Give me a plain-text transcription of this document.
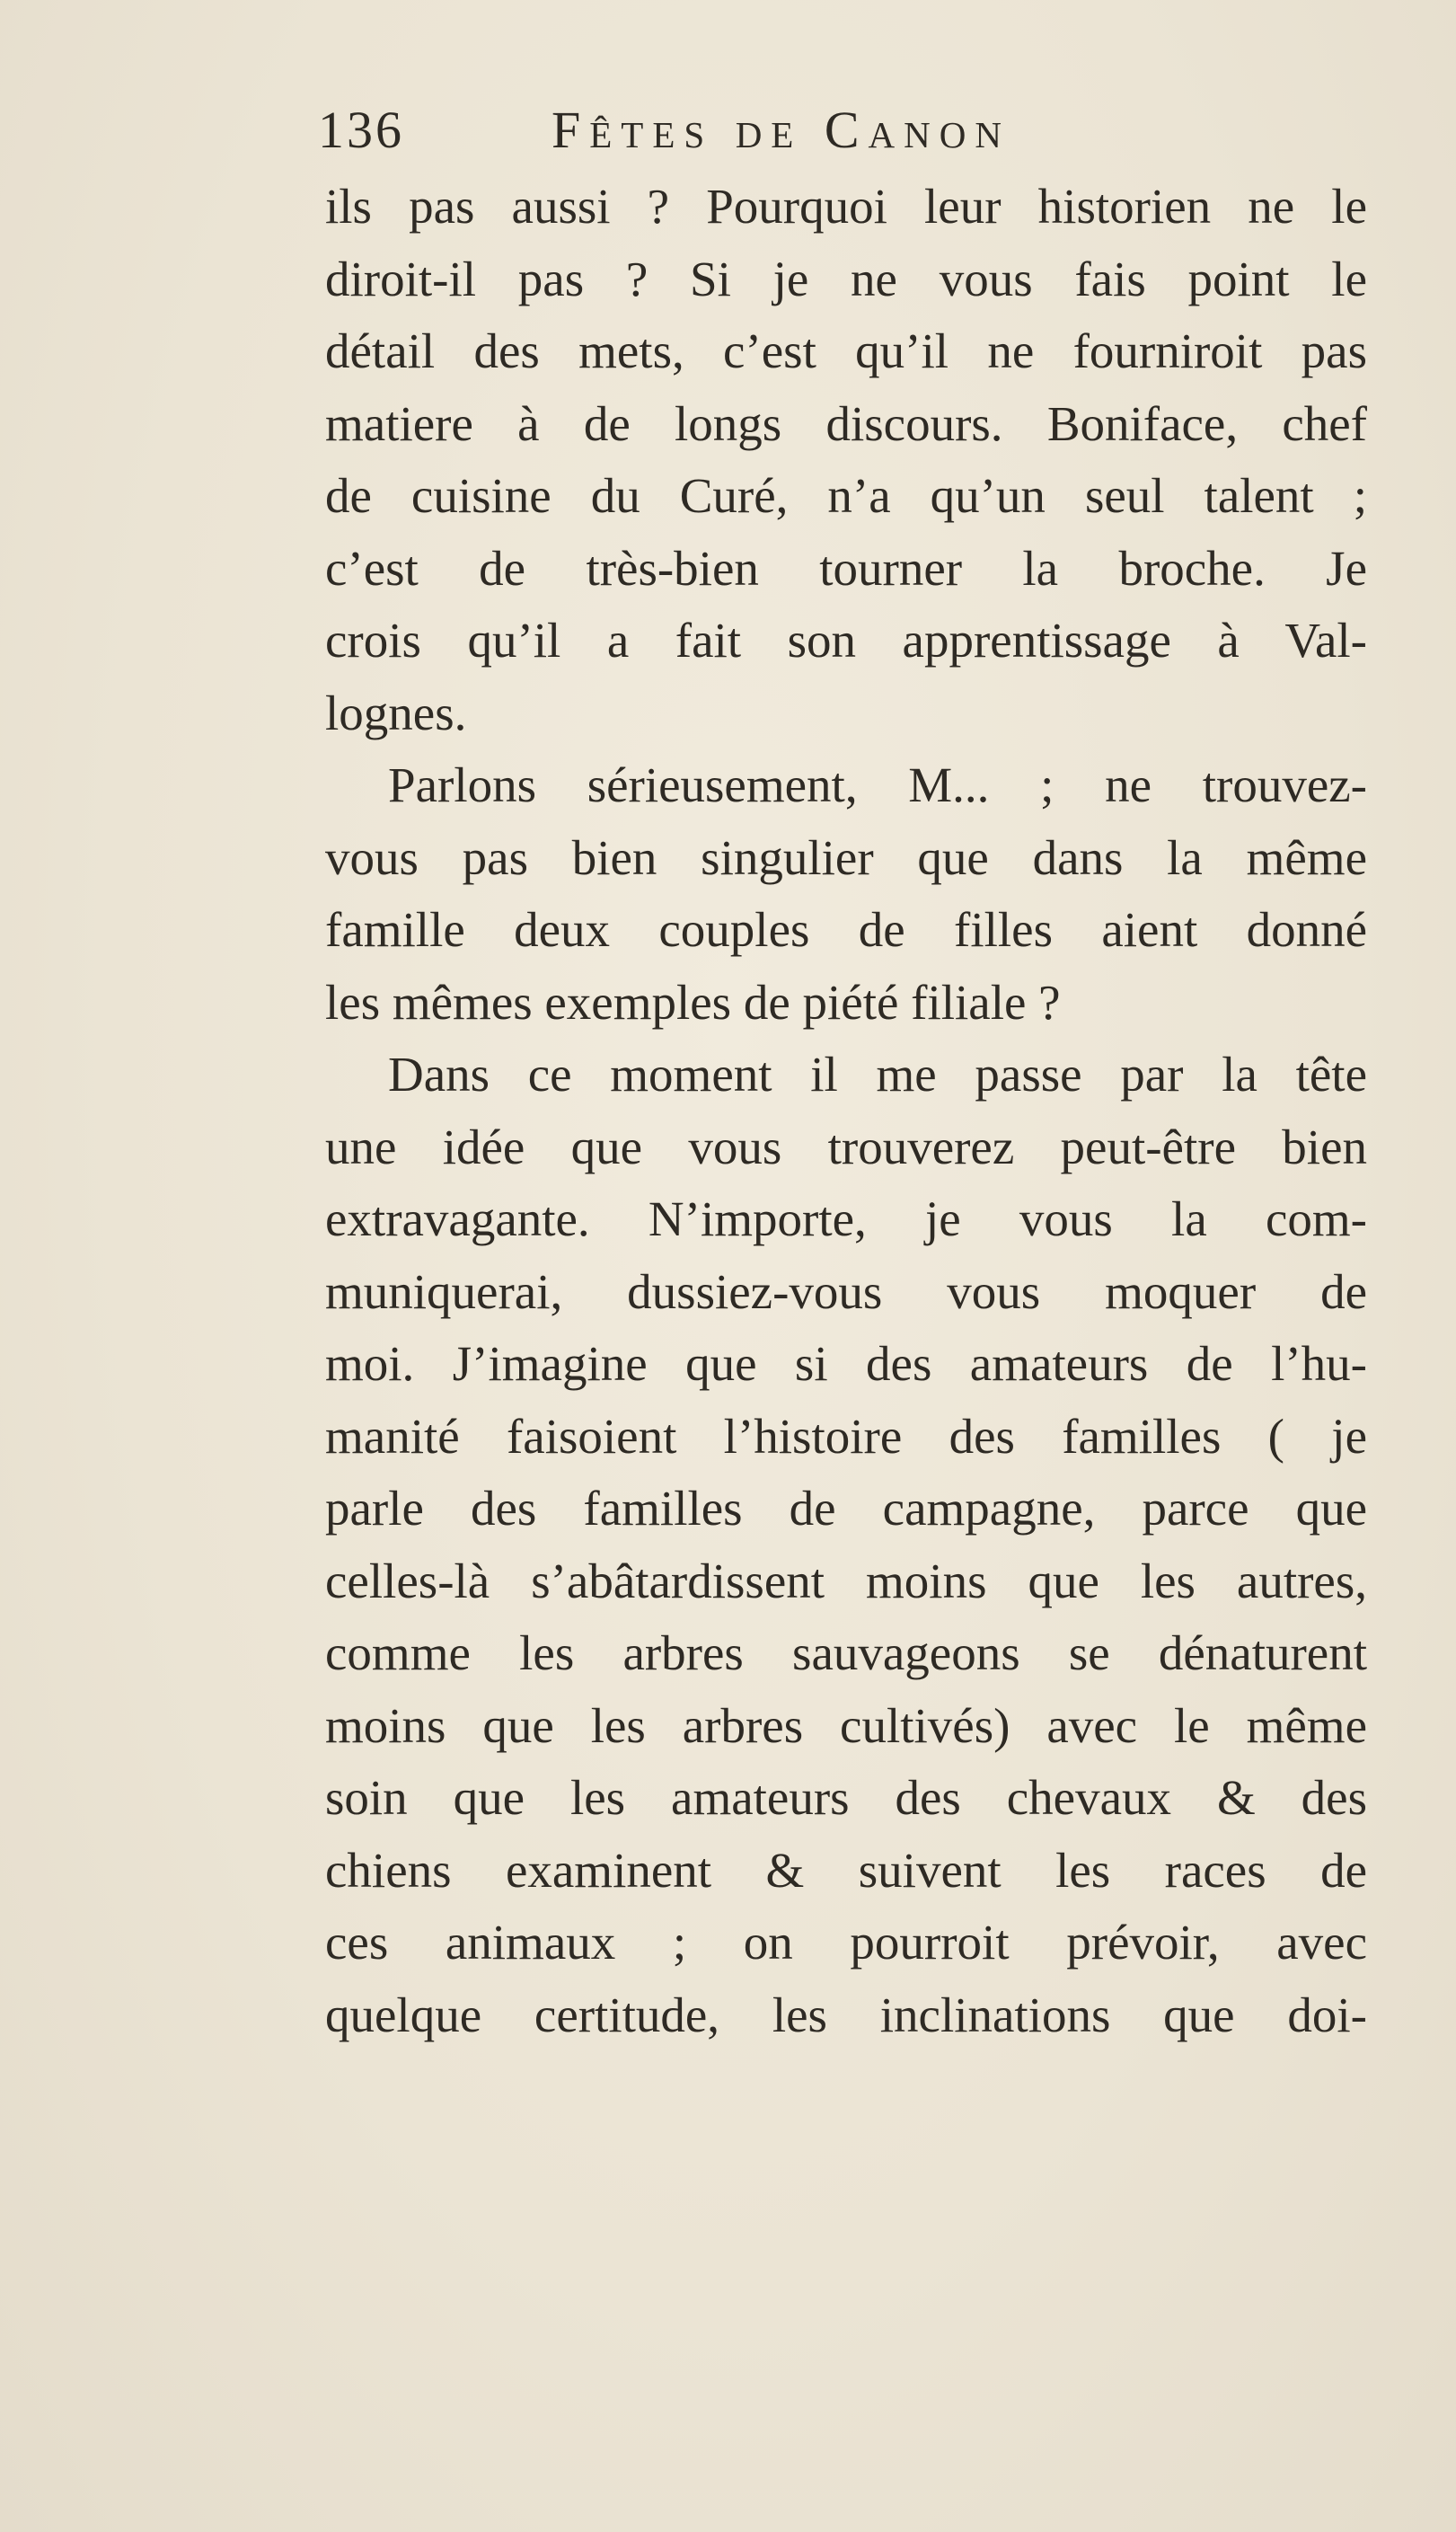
136	Fêtes de Canon
ils pas aussi ? Pourquoi leur historien ne le
diroit-il pas ? Si je ne vous fais point le
détail des mets, c’est qu’il ne fourniroit pas
matiere à de longs discours. Boniface, chef
de cuisine du Curé, n’a qu’un seul talent ;
c’est de très-bien tourner la broche. Je
crois qu’il a fait son apprentissage à Val-
lognes.
Parlons sérieusement, M... ; ne trouvez-
vous pas bien singulier que dans la même
famille deux couples de filles aient donné
les mêmes exemples de piété filiale ?
Dans ce moment il me passe par la tête
une idée que vous trouverez peut-être bien
extravagante. N’importe, je vous la com-
muniquerai, dussiez-vous vous moquer de
moi. J’imagine que si des amateurs de l’hu-
manité faisoient l’histoire des familles ( je
parle des familles de campagne, parce que
celles-là s’abâtardissent moins que les autres,
comme les arbres sauvageons se dénaturent
moins que les arbres cultivés) avec le même
soin que les amateurs des chevaux & des
chiens examinent & suivent les races de
ces animaux ; on pourroit prévoir, avec
quelque certitude, les inclinations que doi-
